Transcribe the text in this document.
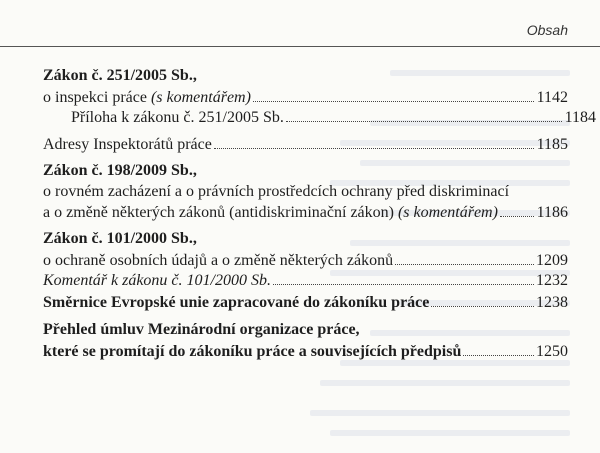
Obsah
Zákon č. 251/2005 Sb.,
o inspekci práce (s komentářem)	1142
Příloha k zákonu č. 251/2005 Sb.	1184
Adresy Inspektorátů práce	1185
Zákon č. 198/2009 Sb.,
o rovném zacházení a o právních prostředcích ochrany před diskriminací
a o změně některých zákonů (antidiskriminační zákon) (s komentářem) 1186
Zákon č. 101/2000 Sb.,
o ochraně osobních údajů a o změně některých zákonů	1209
Komentář k zákonu č. 101/2000 Sb.	1232
Směrnice Evropské unie zapracované do zákoníku práce	1238
Přehled úmluv Mezinárodní organizace práce,
které se promítají do zákoníku práce a souvisejících předpisů	1250
